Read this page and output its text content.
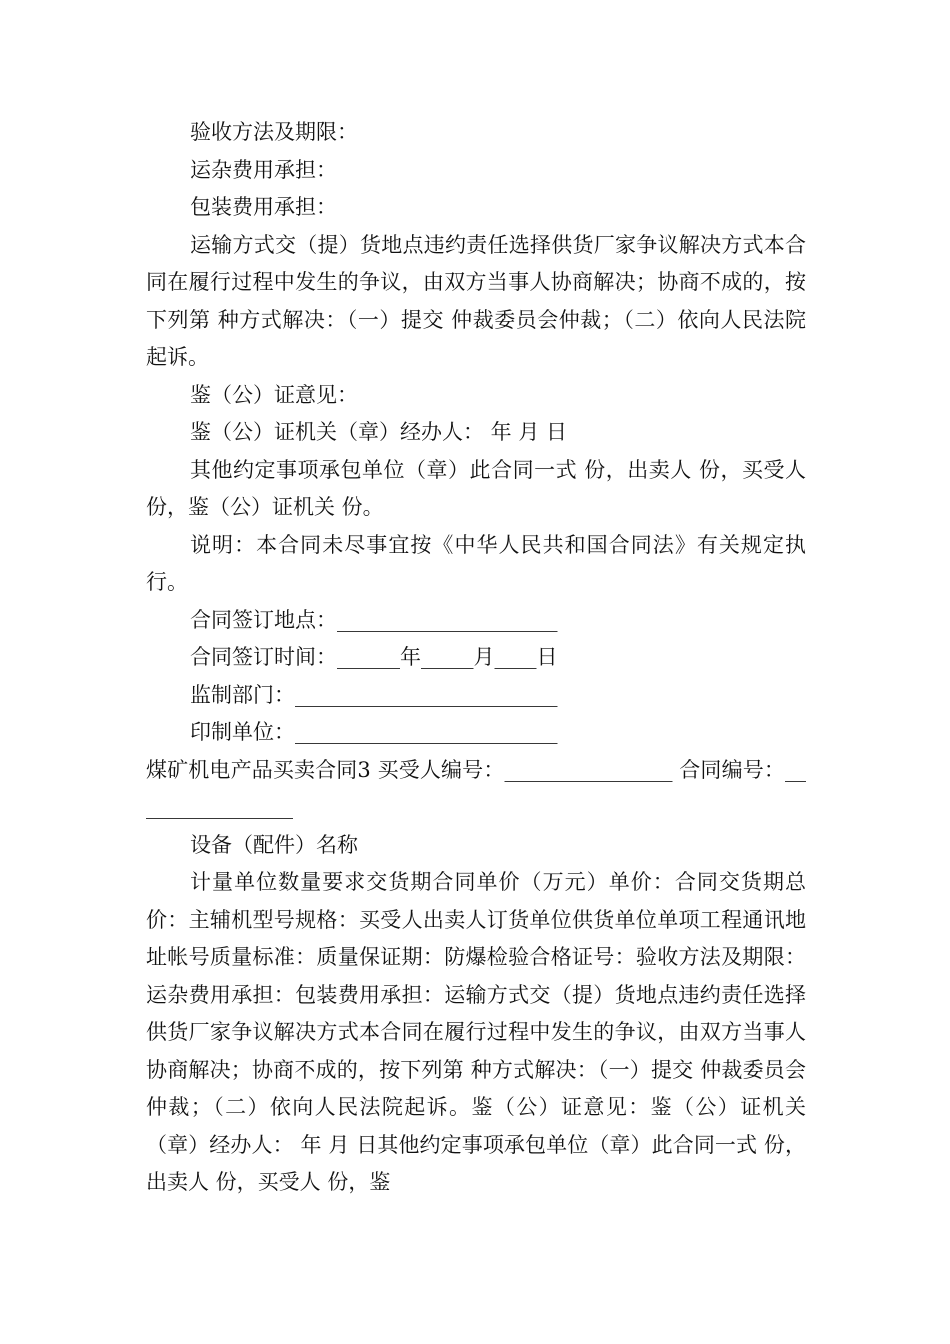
验收方法及期限：

运杂费用承担：

包装费用承担：

运输方式交（提）货地点违约责任选择供货厂家争议解决方式本合同在履行过程中发生的争议，由双方当事人协商解决；协商不成的，按下列第 种方式解决：（一）提交 仲裁委员会仲裁；（二）依向人民法院起诉。

鉴（公）证意见：

鉴（公）证机关（章）经办人： 年 月 日

其他约定事项承包单位（章）此合同一式 份，出卖人 份，买受人 份，鉴（公）证机关 份。

说明：本合同未尽事宜按《中华人民共和国合同法》有关规定执行。

合同签订地点：_____________________

合同签订时间：______年_____月____日

监制部门：_________________________

印制单位：_________________________

煤矿机电产品买卖合同3 买受人编号：________________ 合同编号：________________

设备（配件）名称

计量单位数量要求交货期合同单价（万元）单价：合同交货期总价：主辅机型号规格：买受人出卖人订货单位供货单位单项工程通讯地址帐号质量标准：质量保证期：防爆检验合格证号：验收方法及期限：运杂费用承担：包装费用承担：运输方式交（提）货地点违约责任选择供货厂家争议解决方式本合同在履行过程中发生的争议，由双方当事人协商解决；协商不成的，按下列第 种方式解决：（一）提交 仲裁委员会仲裁；（二）依向人民法院起诉。鉴（公）证意见：鉴（公）证机关（章）经办人： 年 月 日其他约定事项承包单位（章）此合同一式 份，出卖人 份，买受人 份，鉴
